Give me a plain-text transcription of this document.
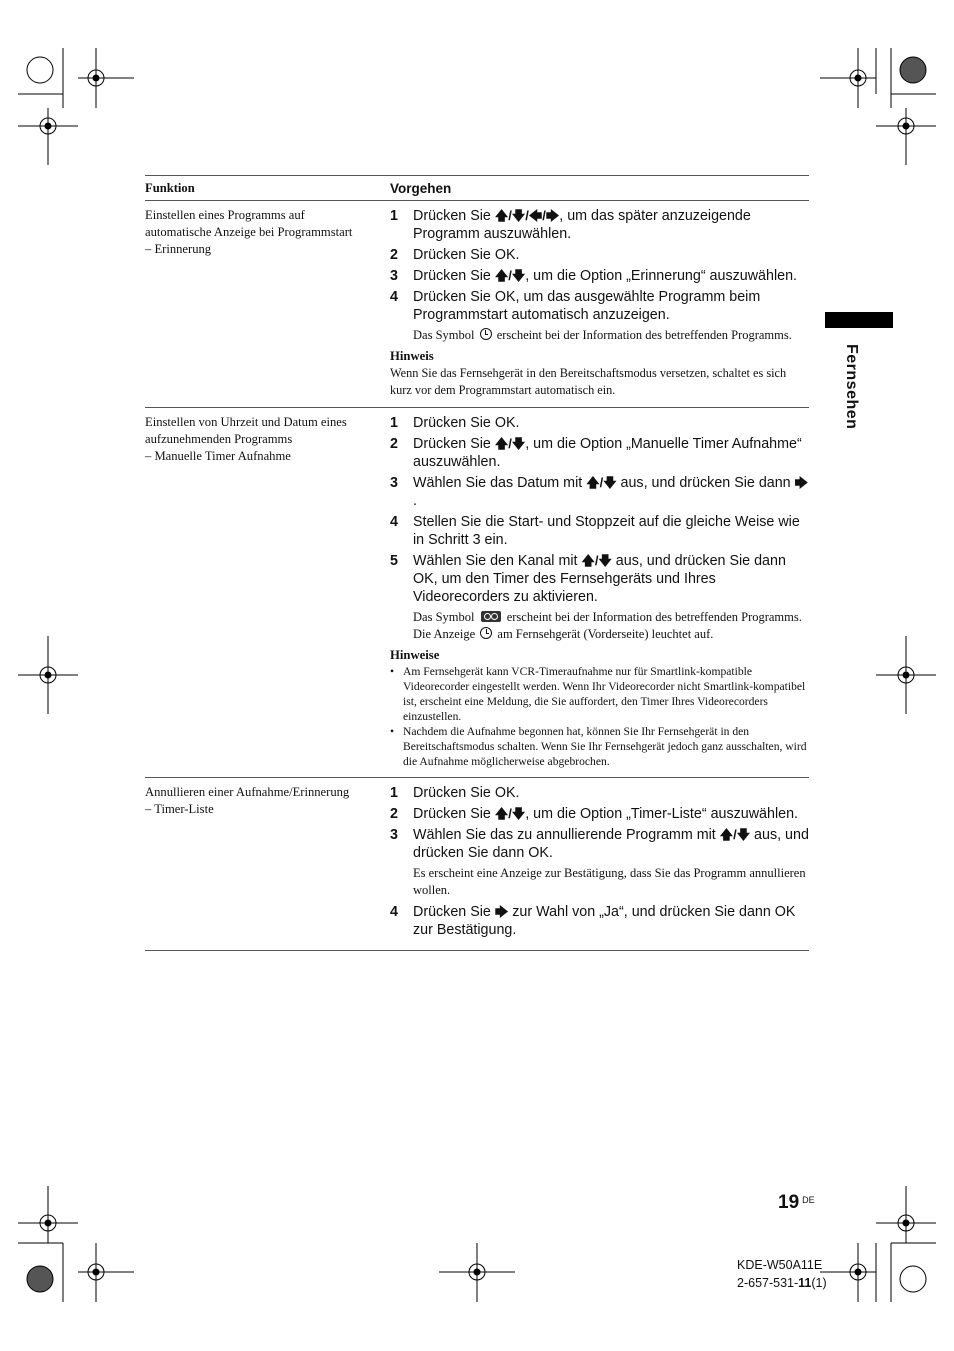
Funktion	Vorgehen
Einstellen eines Programms auf
automatische Anzeige bei Programmstart
– Erinnerung
1	Drücken Sie 🡅/🡇/🡄/🡆, um das später anzuzeigende Programm auszuwählen.
2	Drücken Sie OK.
3	Drücken Sie 🡅/🡇, um die Option „Erinnerung“ auszuwählen.
4	Drücken Sie OK, um das ausgewählte Programm beim Programmstart automatisch anzuzeigen.
Das Symbol  erscheint bei der Information des betreffenden Programms.
Hinweis
Wenn Sie das Fernsehgerät in den Bereitschaftsmodus versetzen, schaltet es sich kurz vor dem Programmstart automatisch ein.
Einstellen von Uhrzeit und Datum eines
aufzunehmenden Programms
– Manuelle Timer Aufnahme
1	Drücken Sie OK.
2	Drücken Sie 🡅/🡇, um die Option „Manuelle Timer Aufnahme“ auszuwählen.
3	Wählen Sie das Datum mit 🡅/🡇 aus, und drücken Sie dann 🡆.
4	Stellen Sie die Start- und Stoppzeit auf die gleiche Weise wie in Schritt 3 ein.
5	Wählen Sie den Kanal mit 🡅/🡇 aus, und drücken Sie dann OK, um den Timer des Fernsehgeräts und Ihres Videorecorders zu aktivieren.
Das Symbol  erscheint bei der Information des betreffenden Programms. Die Anzeige  am Fernsehgerät (Vorderseite) leuchtet auf.
Hinweise
• Am Fernsehgerät kann VCR-Timeraufnahme nur für Smartlink-kompatible Videorecorder eingestellt werden. Wenn Ihr Videorecorder nicht Smartlink-kompatibel ist, erscheint eine Meldung, die Sie auffordert, den Timer Ihres Videorecorders einzustellen.
• Nachdem die Aufnahme begonnen hat, können Sie Ihr Fernsehgerät in den Bereitschaftsmodus schalten. Wenn Sie Ihr Fernsehgerät jedoch ganz ausschalten, wird die Aufnahme möglicherweise abgebrochen.
Annullieren einer Aufnahme/Erinnerung
– Timer-Liste
1	Drücken Sie OK.
2	Drücken Sie 🡅/🡇, um die Option „Timer-Liste“ auszuwählen.
3	Wählen Sie das zu annullierende Programm mit 🡅/🡇 aus, und drücken Sie dann OK.
Es erscheint eine Anzeige zur Bestätigung, dass Sie das Programm annullieren wollen.
4	Drücken Sie 🡆 zur Wahl von „Ja“, und drücken Sie dann OK zur Bestätigung.
Fernsehen
19 $^{DE}$
KDE-W50A11E
2-657-531-11(1)
